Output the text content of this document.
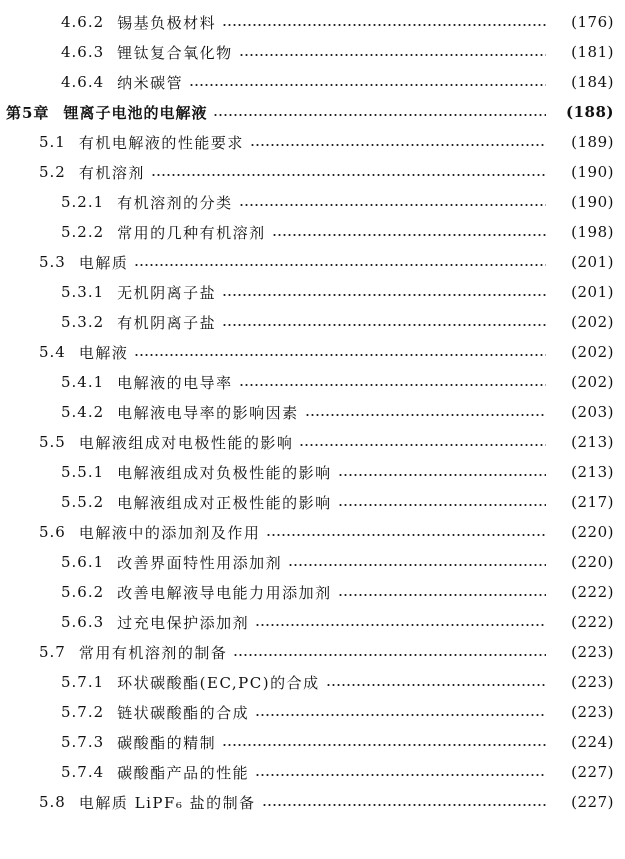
4.6.2 锡基负极材料	(176)
4.6.3 锂钛复合氧化物	(181)
4.6.4 纳米碳管	(184)
第5章 锂离子电池的电解液	(188)
5.1 有机电解液的性能要求	(189)
5.2 有机溶剂	(190)
5.2.1 有机溶剂的分类	(190)
5.2.2 常用的几种有机溶剂	(198)
5.3 电解质	(201)
5.3.1 无机阴离子盐	(201)
5.3.2 有机阴离子盐	(202)
5.4 电解液	(202)
5.4.1 电解液的电导率	(202)
5.4.2 电解液电导率的影响因素	(203)
5.5 电解液组成对电极性能的影响	(213)
5.5.1 电解液组成对负极性能的影响	(213)
5.5.2 电解液组成对正极性能的影响	(217)
5.6 电解液中的添加剂及作用	(220)
5.6.1 改善界面特性用添加剂	(220)
5.6.2 改善电解液导电能力用添加剂	(222)
5.6.3 过充电保护添加剂	(222)
5.7 常用有机溶剂的制备	(223)
5.7.1 环状碳酸酯(EC,PC)的合成	(223)
5.7.2 链状碳酸酯的合成	(223)
5.7.3 碳酸酯的精制	(224)
5.7.4 碳酸酯产品的性能	(227)
5.8 电解质 LiPF₆ 盐的制备	(227)
